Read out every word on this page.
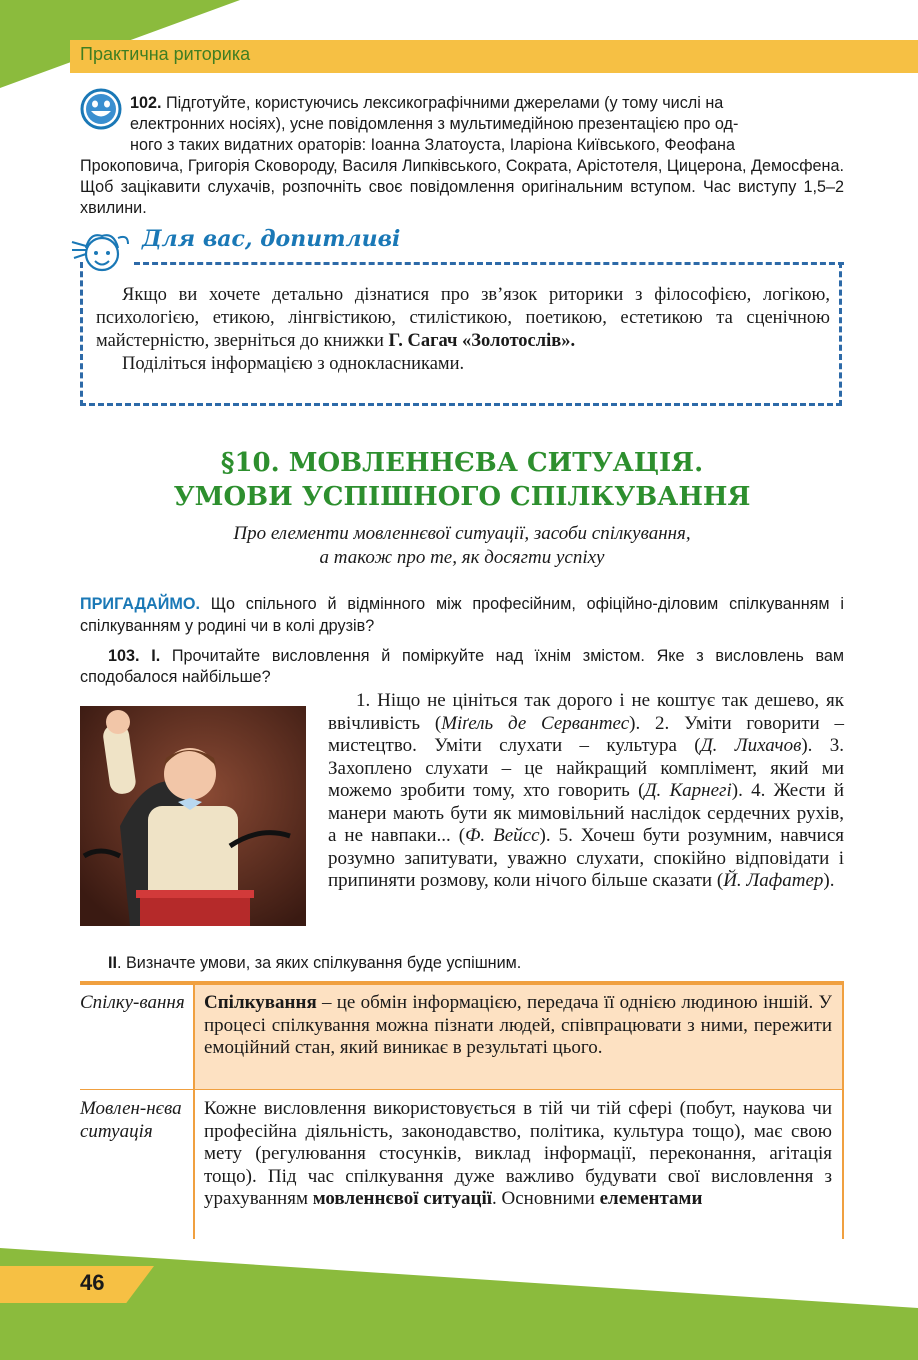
Практична риторика
102. Підготуйте, користуючись лексикографічними джерелами (у тому числі на
електронних носіях), усне повідомлення з мультимедійною презентацією про од-
ного з таких видатних ораторів: Іоанна Златоуста, Іларіона Київського, Феофана
Прокоповича, Григорія Сковороду, Василя Липківського, Сократа, Арістотеля, Цицерона, Демосфена. Щоб зацікавити слухачів, розпочніть своє повідомлення оригінальним вступом. Час виступу 1,5–2 хвилини.
Для вас, допитливі

Якщо ви хочете детально дізнатися про зв’язок риторики з філософією, логікою, психологією, етикою, лінгвістикою, стилістикою, поетикою, естетикою та сценічною майстерністю, зверніться до книжки Г. Сагач «Золотослів».

Поділіться інформацією з однокласниками.

§10. МОВЛЕННЄВА СИТУАЦІЯ.
УМОВИ УСПІШНОГО СПІЛКУВАННЯ
Про елементи мовленнєвої ситуації, засоби спілкування,
а також про те, як досягти успіху
ПРИГАДАЙМО. Що спільного й відмінного між професійним, офіційно-діловим спілкуванням і спілкуванням у родині чи в колі друзів?
103. І. Прочитайте висловлення й поміркуйте над їхнім змістом. Яке з висловлень вам сподобалося найбільше?
1. Ніщо не цініться так дорого і не коштує так дешево, як ввічливість (Міґель де Сервантес). 2. Уміти говорити – мистецтво. Уміти слухати – культура (Д. Лихачов). 3. Захоплено слухати – це найкращий комплімент, який ми можемо зробити тому, хто говорить (Д. Карнегі). 4. Жести й манери мають бути як мимовільний наслідок сердечних рухів, а не навпаки... (Ф. Вейсс). 5. Хочеш бути розумним, навчися розумно запитувати, уважно слухати, спокійно відповідати і припиняти розмову, коли нічого більше сказати (Й. Лафатер).
ІІ. Визначте умови, за яких спілкування буде успішним.
Спілку-вання Спілкування – це обмін інформацією, передача її однією людиною іншій. У процесі спілкування можна пізнати людей, співпрацювати з ними, пережити емоційний стан, який виникає в результаті цього.
Мовлен-нєва ситуація
Кожне висловлення використовується в тій чи тій сфері (побут, наукова чи професійна діяльність, законодавство, політика, культура тощо), має свою мету (регулювання стосунків, виклад інформації, переконання, агітація тощо). Під час спілкування дуже важливо будувати свої висловлення з урахуванням мовленнєвої ситуації. Основними елементами
46
